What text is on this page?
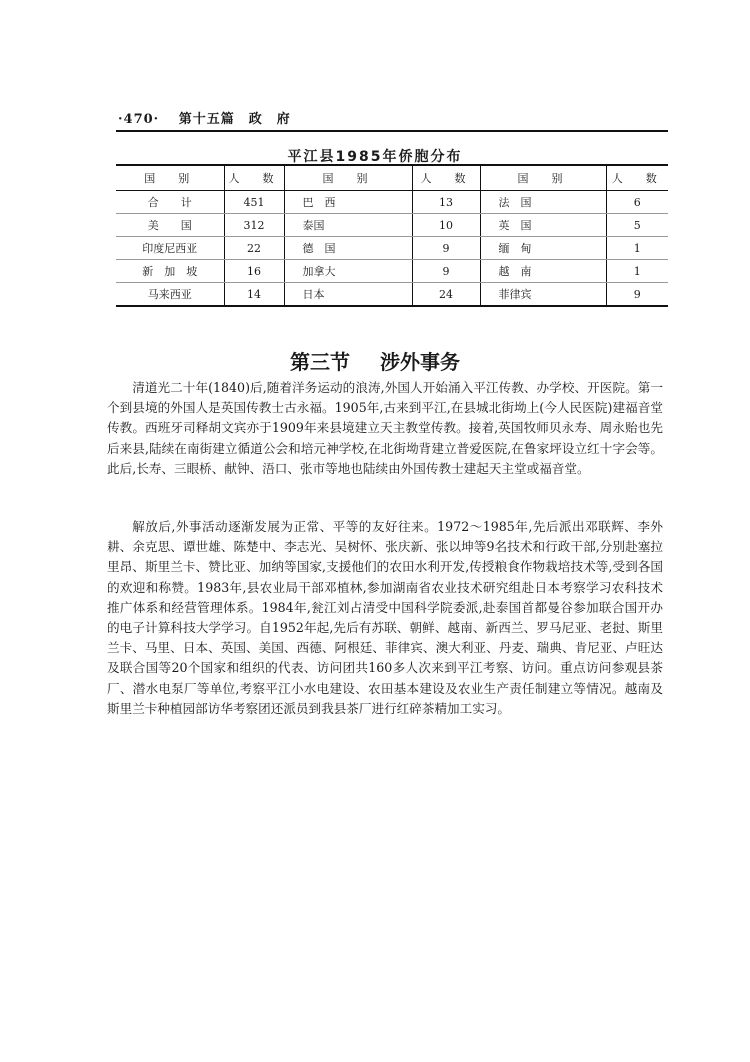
·470· 第十五篇　政　府
平江县1985年侨胞分布
国　别	人　数	国　别	人　数	国　别	人　数
合　　计	451	巴　西	13	法　国	6
美　　国	312	泰国	10	英　国	5
印度尼西亚	22	德　国	9	缅　甸	1
新　加　坡	16	加拿大	9	越　南	1
马来西亚	14	日本	24	菲律宾	9
第三节 涉外事务

清道光二十年(1840)后,随着洋务运动的浪涛,外国人开始涌入平江传教、办学校、开医院。第一个到县境的外国人是英国传教士古永福。1905年,古来到平江,在县城北街坳上(今人民医院)建福音堂传教。西班牙司释胡文宾亦于1909年来县境建立天主教堂传教。接着,英国牧师贝永寿、周永贻也先后来县,陆续在南街建立循道公会和培元神学校,在北街坳背建立普爱医院,在鲁家坪设立红十字会等。此后,长寿、三眼桥、献钟、浯口、张市等地也陆续由外国传教士建起天主堂或福音堂。

解放后,外事活动逐渐发展为正常、平等的友好往来。1972～1985年,先后派出邓联辉、李外耕、余克思、谭世雄、陈楚中、李志光、吴树怀、张庆新、张以坤等9名技术和行政干部,分别赴塞拉里昂、斯里兰卡、赞比亚、加纳等国家,支援他们的农田水利开发,传授粮食作物栽培技术等,受到各国的欢迎和称赞。1983年,县农业局干部邓植林,参加湖南省农业技术研究组赴日本考察学习农科技术推广体系和经营管理体系。1984年,瓮江刘占清受中国科学院委派,赴泰国首都曼谷参加联合国开办的电子计算科技大学学习。自1952年起,先后有苏联、朝鲜、越南、新西兰、罗马尼亚、老挝、斯里兰卡、马里、日本、英国、美国、西德、阿根廷、菲律宾、澳大利亚、丹麦、瑞典、肯尼亚、卢旺达及联合国等20个国家和组织的代表、访问团共160多人次来到平江考察、访问。重点访问参观县茶厂、潜水电泵厂等单位,考察平江小水电建设、农田基本建设及农业生产责任制建立等情况。越南及斯里兰卡种植园部访华考察团还派员到我县茶厂进行红碎茶精加工实习。
